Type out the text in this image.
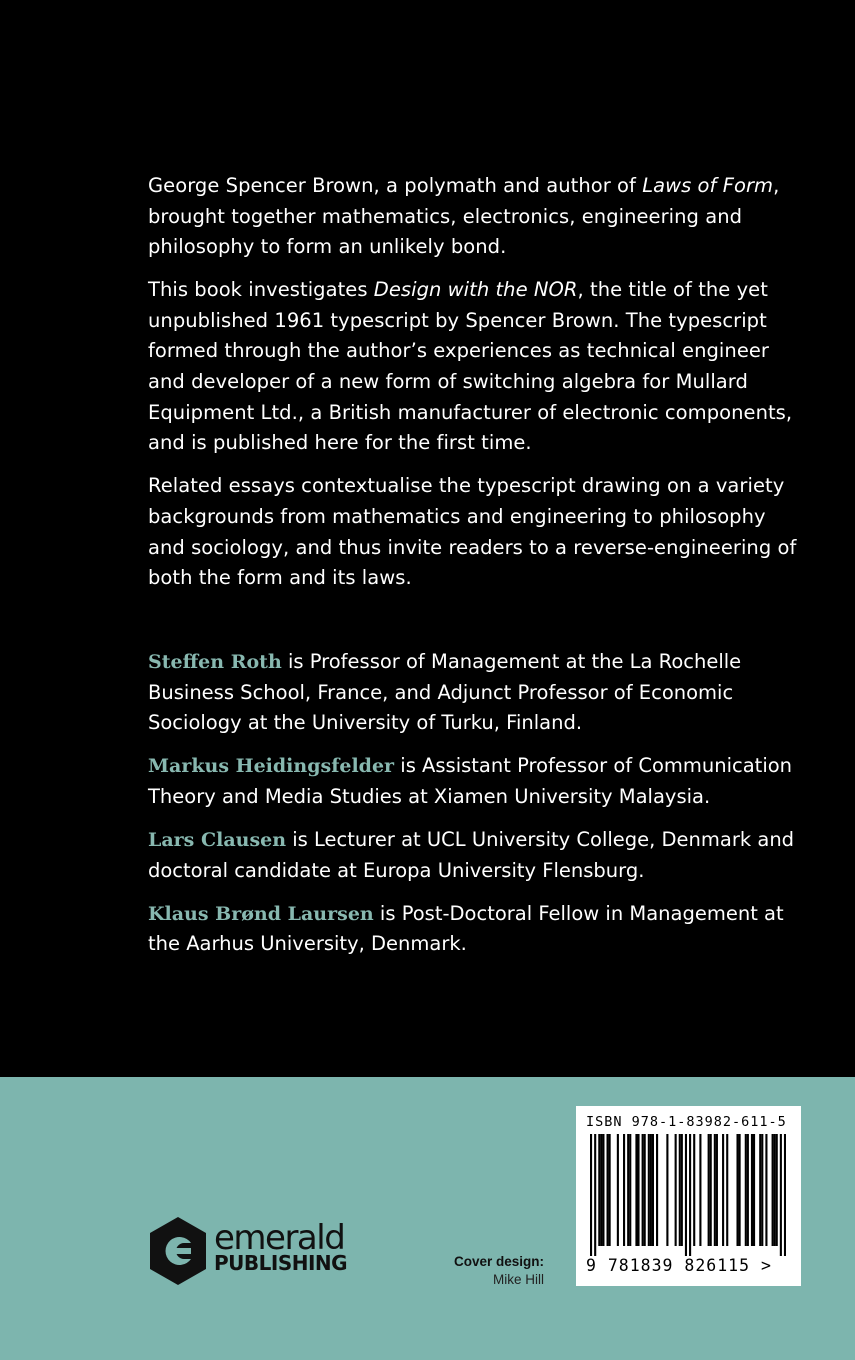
George Spencer Brown, a polymath and author of Laws of Form, brought together mathematics, electronics, engineering and philosophy to form an unlikely bond.

This book investigates Design with the NOR, the title of the yet unpublished 1961 typescript by Spencer Brown. The typescript formed through the author’s experiences as technical engineer and developer of a new form of switching algebra for Mullard Equipment Ltd., a British manufacturer of electronic components, and is published here for the first time.

Related essays contextualise the typescript drawing on a variety backgrounds from mathematics and engineering to philosophy and sociology, and thus invite readers to a reverse-engineering of both the form and its laws.

Steffen Roth is Professor of Management at the La Rochelle Business School, France, and Adjunct Professor of Economic Sociology at the University of Turku, Finland.

Markus Heidingsfelder is Assistant Professor of Communication Theory and Media Studies at Xiamen University Malaysia.

Lars Clausen is Lecturer at UCL University College, Denmark and doctoral candidate at Europa University Flensburg.

Klaus Brønd Laursen is Post-Doctoral Fellow in Management at the Aarhus University, Denmark.

emerald
PUBLISHING	Cover design:
Mike Hill
ISBN 978-1-83982-611-5
9 781839 826115 >
